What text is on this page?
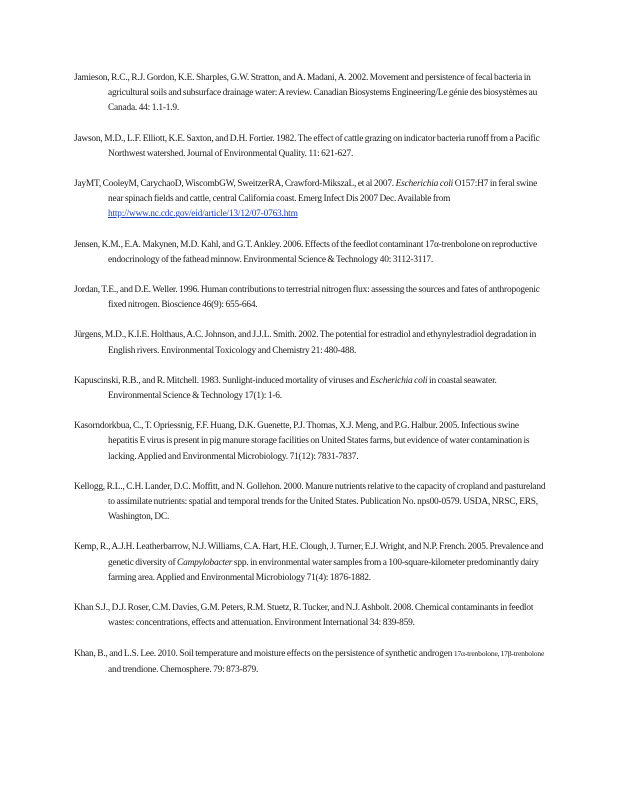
Jamieson, R.C., R.J. Gordon, K.E. Sharples, G.W. Stratton, and A. Madani, A. 2002. Movement and persistence of fecal bacteria in agricultural soils and subsurface drainage water: A review. Canadian Biosystems Engineering/Le génie des biosystèmes au Canada. 44: 1.1-1.9.

Jawson, M.D., L.F. Elliott, K.E. Saxton, and D.H. Fortier. 1982. The effect of cattle grazing on indicator bacteria runoff from a Pacific Northwest watershed. Journal of Environmental Quality. 11: 621-627.

JayMT, CooleyM, CarychaoD, WiscombGW, SweitzerRA, Crawford-MikszaL, et al 2007. Escherichia coli O157:H7 in feral swine near spinach fields and cattle, central California coast. Emerg Infect Dis 2007 Dec. Available from http://www.nc.cdc.gov/eid/article/13/12/07-0763.htm

Jensen, K.M., E.A. Makynen, M.D. Kahl, and G.T. Ankley. 2006. Effects of the feedlot contaminant 17α-trenbolone on reproductive endocrinology of the fathead minnow. Environmental Science & Technology 40: 3112-3117.

Jordan, T.E., and D.E. Weller. 1996. Human contributions to terrestrial nitrogen flux: assessing the sources and fates of anthropogenic fixed nitrogen. Bioscience 46(9): 655-664.

Jürgens, M.D., K.I.E. Holthaus, A.C. Johnson, and J.J.L. Smith. 2002. The potential for estradiol and ethynylestradiol degradation in English rivers. Environmental Toxicology and Chemistry 21: 480-488.

Kapuscinski, R.B., and R. Mitchell. 1983. Sunlight-induced mortality of viruses and Escherichia coli in coastal seawater. Environmental Science & Technology 17(1): 1-6.

Kasorndorkbua, C., T. Opriessnig, F.F. Huang, D.K. Guenette, P.J. Thomas, X.J. Meng, and P.G. Halbur. 2005. Infectious swine hepatitis E virus is present in pig manure storage facilities on United States farms, but evidence of water contamination is lacking. Applied and Environmental Microbiology. 71(12): 7831-7837.

Kellogg, R.L., C.H. Lander, D.C. Moffitt, and N. Gollehon. 2000. Manure nutrients relative to the capacity of cropland and pastureland to assimilate nutrients: spatial and temporal trends for the United States. Publication No. nps00-0579. USDA, NRSC, ERS, Washington, DC.

Kemp, R., A.J.H. Leatherbarrow, N.J. Williams, C.A. Hart, H.E. Clough, J. Turner, E.J. Wright, and N.P. French. 2005. Prevalence and genetic diversity of Campylobacter spp. in environmental water samples from a 100-square-kilometer predominantly dairy farming area. Applied and Environmental Microbiology 71(4): 1876-1882.

Khan S.J., D.J. Roser, C.M. Davies, G.M. Peters, R.M. Stuetz, R. Tucker, and N.J. Ashbolt. 2008. Chemical contaminants in feedlot wastes: concentrations, effects and attenuation. Environment International 34: 839-859.

Khan, B., and L.S. Lee. 2010. Soil temperature and moisture effects on the persistence of synthetic androgen 17α-trenbolone, 17β-trenbolone and trendione. Chemosphere. 79: 873-879.
